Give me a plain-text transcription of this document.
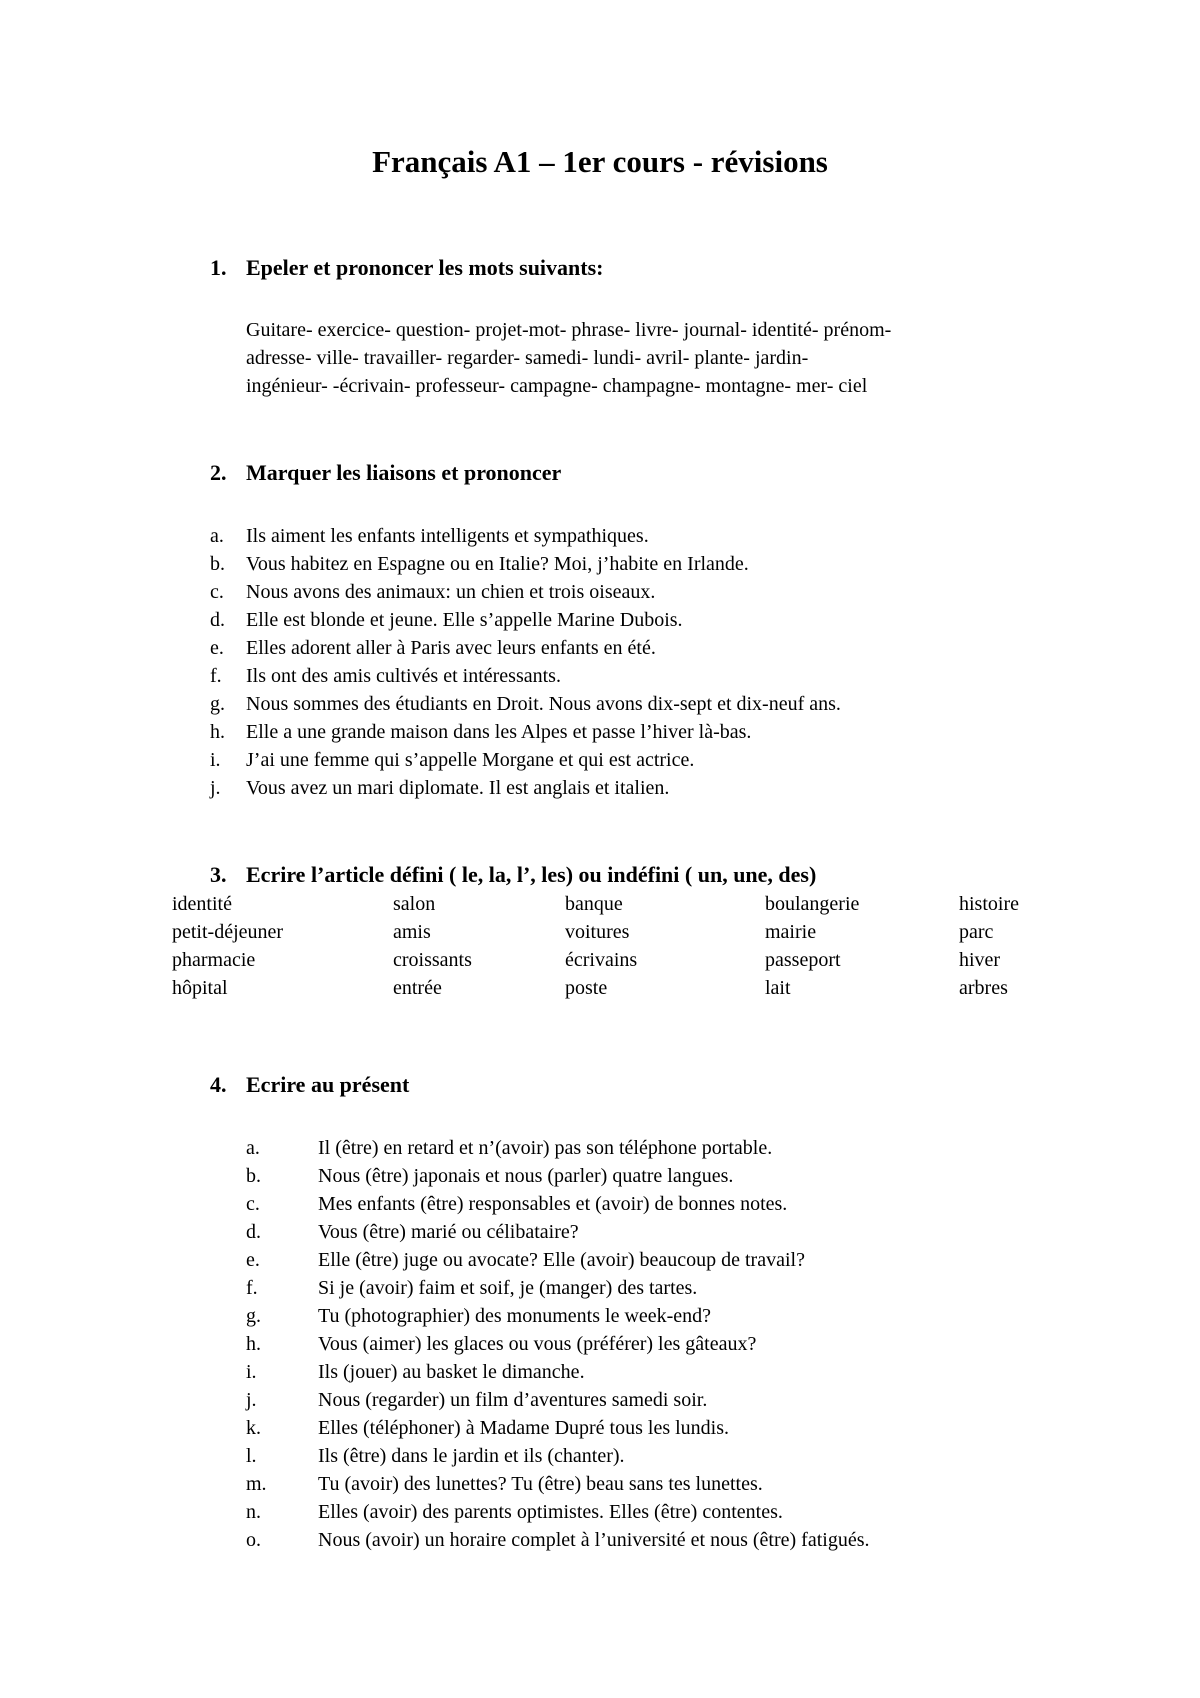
Français A1 – 1er cours - révisions
1. Epeler et prononcer les mots suivants:
Guitare- exercice- question- projet-mot- phrase- livre- journal- identité- prénom-
adresse- ville- travailler- regarder- samedi- lundi- avril- plante- jardin-
ingénieur- -écrivain- professeur- campagne- champagne- montagne- mer- ciel
2. Marquer les liaisons et prononcer
a. Ils aiment les enfants intelligents et sympathiques.
b. Vous habitez en Espagne ou en Italie? Moi, j’habite en Irlande.
c. Nous avons des animaux: un chien et trois oiseaux.
d. Elle est blonde et jeune. Elle s’appelle Marine Dubois.
e. Elles adorent aller à Paris avec leurs enfants en été.
f. Ils ont des amis cultivés et intéressants.
g. Nous sommes des étudiants en Droit. Nous avons dix-sept et dix-neuf ans.
h. Elle a une grande maison dans les Alpes et passe l’hiver là-bas.
i. J’ai une femme qui s’appelle Morgane et qui est actrice.
j. Vous avez un mari diplomate. Il est anglais et italien.
3. Ecrire l’article défini ( le, la, l’, les) ou indéfini ( un, une, des)
identité	salon	banque	boulangerie	histoire
petit-déjeuner	amis	voitures	mairie	parc
pharmacie	croissants	écrivains	passeport	hiver
hôpital	entrée	poste	lait	arbres
4. Ecrire au présent
a.	Il (être) en retard et n’(avoir) pas son téléphone portable.
b.	Nous (être) japonais et nous (parler) quatre langues.
c.	Mes enfants (être) responsables et (avoir) de bonnes notes.
d.	Vous (être) marié ou célibataire?
e.	Elle (être) juge ou avocate? Elle (avoir) beaucoup de travail?
f.	Si je (avoir) faim et soif, je (manger) des tartes.
g.	Tu (photographier) des monuments le week-end?
h.	Vous (aimer) les glaces ou vous (préférer) les gâteaux?
i.	Ils (jouer) au basket le dimanche.
j.	Nous (regarder) un film d’aventures samedi soir.
k.	Elles (téléphoner) à Madame Dupré tous les lundis.
l.	Ils (être) dans le jardin et ils (chanter).
m.	Tu (avoir) des lunettes? Tu (être) beau sans tes lunettes.
n.	Elles (avoir) des parents optimistes. Elles (être) contentes.
o.	Nous (avoir) un horaire complet à l’université et nous (être) fatigués.
